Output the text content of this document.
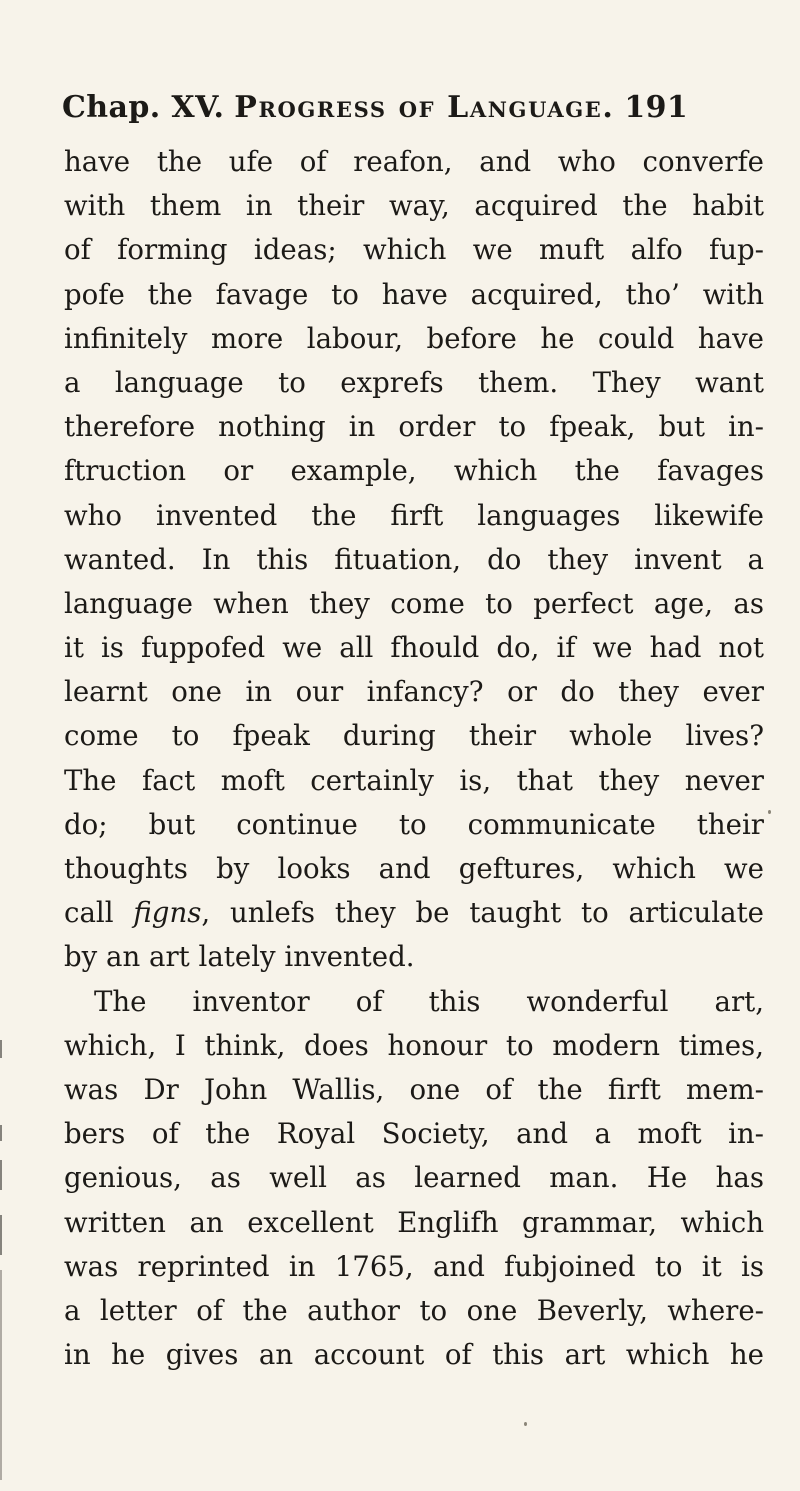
Chap. XV. Progress of Language. 191
have the ufe of reafon, and who converfe
with them in their way, acquired the habit
of forming ideas; which we muft alfo fup-
pofe the favage to have acquired, tho’ with
infinitely more labour, before he could have
a language to exprefs them. They want
therefore nothing in order to fpeak, but in-
ftruction or example, which the favages
who invented the firft languages likewife
wanted. In this fituation, do they invent a
language when they come to perfect age, as
it is fuppofed we all fhould do, if we had not
learnt one in our infancy? or do they ever
come to fpeak during their whole lives?
The fact moft certainly is, that they never
do; but continue to communicate their
thoughts by looks and geftures, which we
call figns, unlefs they be taught to articulate
by an art lately invented.
The inventor of this wonderful art,
which, I think, does honour to modern times,
was Dr John Wallis, one of the firft mem-
bers of the Royal Society, and a moft in-
genious, as well as learned man. He has
written an excellent Englifh grammar, which
was reprinted in 1765, and fubjoined to it is
a letter of the author to one Beverly, where-
in he gives an account of this art which he
